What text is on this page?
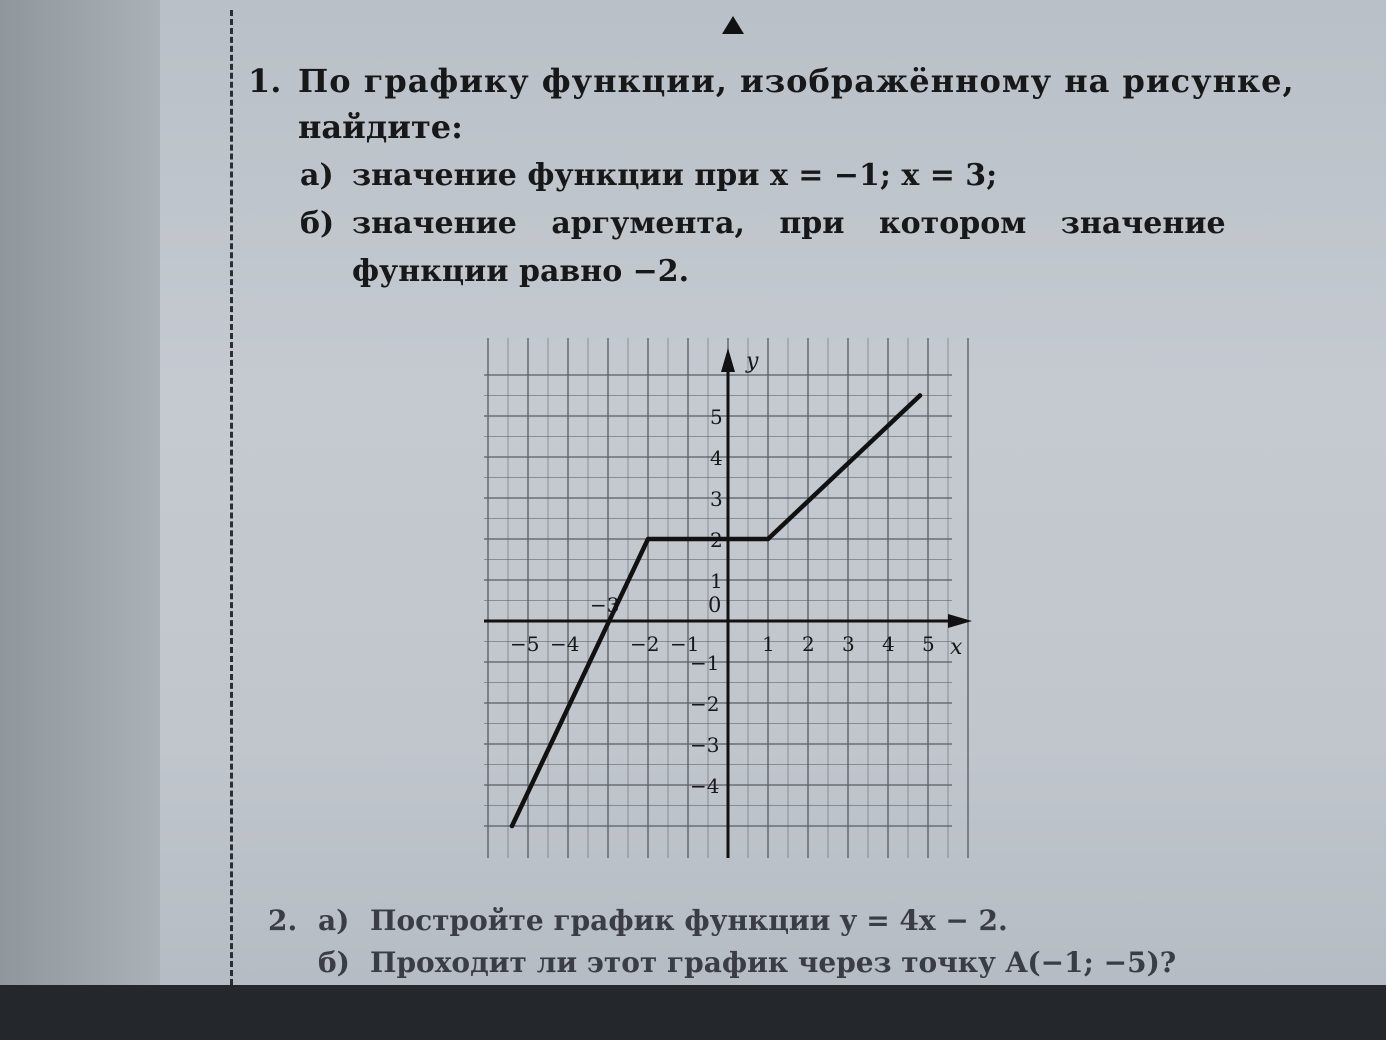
1. По графику функции, изображённому на рисунке,
найдите:
а) значение функции при x = −1; x = 3;
б) значение аргумента, при котором значение
функции равно −2.
x
y
0
−5 −4
−3
−2 −1	1 2 3 4 5
−4
−3
−2
−1
1
2
3
4
5
2. а) Постройте график функции y = 4x − 2.
б) Проходит ли этот график через точку A(−1; −5)?
